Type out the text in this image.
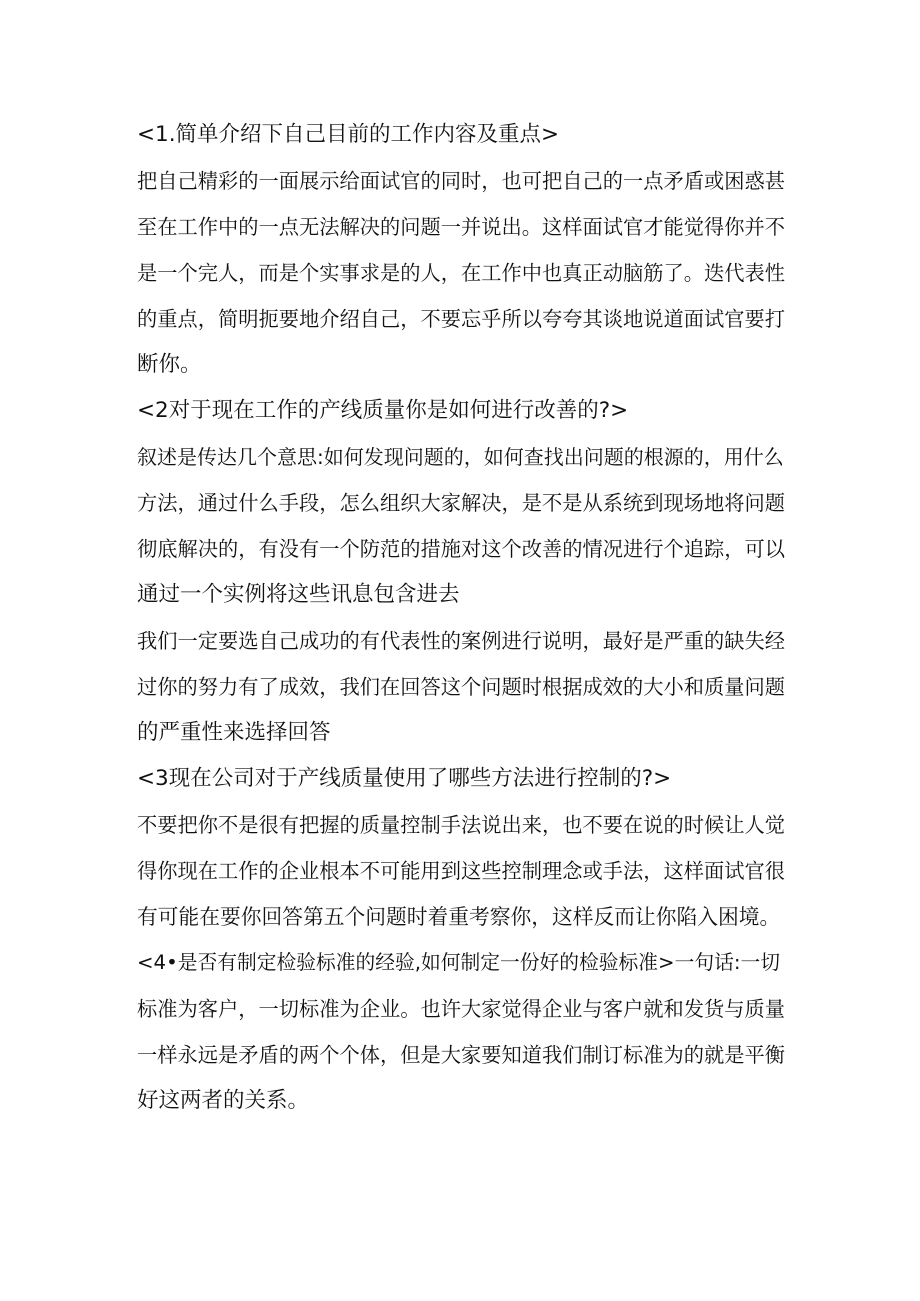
<1.简单介绍下自己目前的工作内容及重点>
把自己精彩的一面展示给面试官的同时，也可把自己的一点矛盾或困惑甚
至在工作中的一点无法解决的问题一并说出。这样面试官才能觉得你并不
是一个完人，而是个实事求是的人，在工作中也真正动脑筋了。迭代表性
的重点，简明扼要地介绍自己，不要忘乎所以夸夸其谈地说道面试官要打
断你。
<2对于现在工作的产线质量你是如何进行改善的?>
叙述是传达几个意思:如何发现问题的，如何查找出问题的根源的，用什么
方法，通过什么手段，怎么组织大家解决，是不是从系统到现场地将问题
彻底解决的，有没有一个防范的措施对这个改善的情况进行个追踪，可以
通过一个实例将这些讯息包含进去
我们一定要选自己成功的有代表性的案例进行说明，最好是严重的缺失经
过你的努力有了成效，我们在回答这个问题时根据成效的大小和质量问题
的严重性来选择回答
<3现在公司对于产线质量使用了哪些方法进行控制的?>
不要把你不是很有把握的质量控制手法说出来，也不要在说的时候让人觉
得你现在工作的企业根本不可能用到这些控制理念或手法，这样面试官很
有可能在要你回答第五个问题时着重考察你，这样反而让你陷入困境。
<4•是否有制定检验标准的经验,如何制定一份好的检验标准>一句话:一切
标准为客户，一切标准为企业。也许大家觉得企业与客户就和发货与质量
一样永远是矛盾的两个个体，但是大家要知道我们制订标准为的就是平衡
好这两者的关系。
